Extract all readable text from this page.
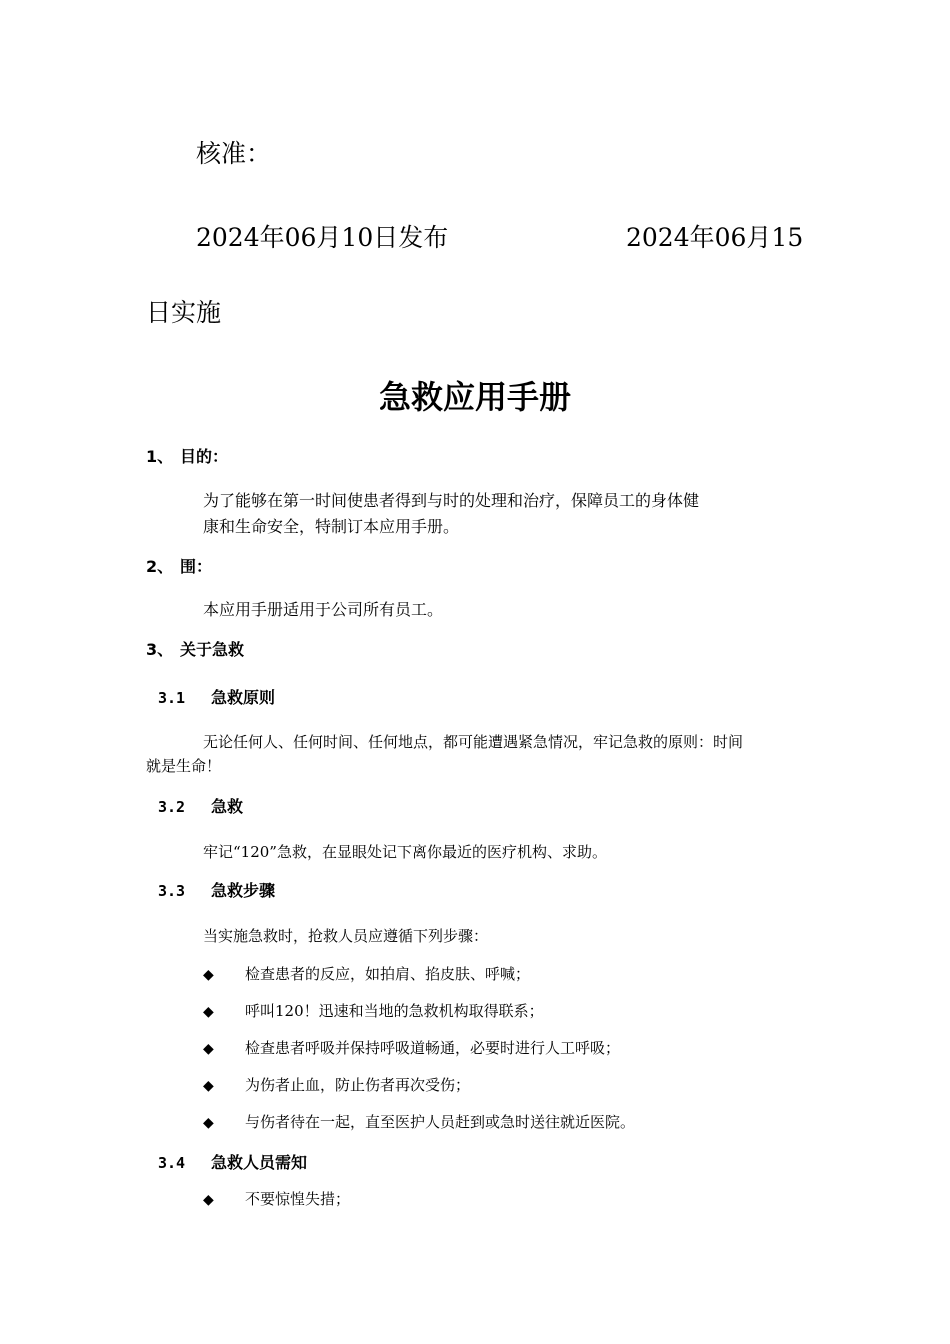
核准：
2024年06月10日发布	2024年06月15
日实施
急救应用手册
1、 目的：
为了能够在第一时间使患者得到与时的处理和治疗，保障员工的身体健
康和生命安全，特制订本应用手册。
2、 围：
本应用手册适用于公司所有员工。
3、 关于急救
3.1 急救原则
无论任何人、任何时间、任何地点，都可能遭遇紧急情况，牢记急救的原则：时间
就是生命！
3.2 急救
牢记“120”急救，在显眼处记下离你最近的医疗机构、求助。
3.3 急救步骤
当实施急救时，抢救人员应遵循下列步骤：
◆ 检查患者的反应，如拍肩、掐皮肤、呼喊；
◆ 呼叫120！迅速和当地的急救机构取得联系；
◆ 检查患者呼吸并保持呼吸道畅通，必要时进行人工呼吸；
◆ 为伤者止血，防止伤者再次受伤；
◆ 与伤者待在一起，直至医护人员赶到或急时送往就近医院。
3.4 急救人员需知
◆ 不要惊惶失措；
